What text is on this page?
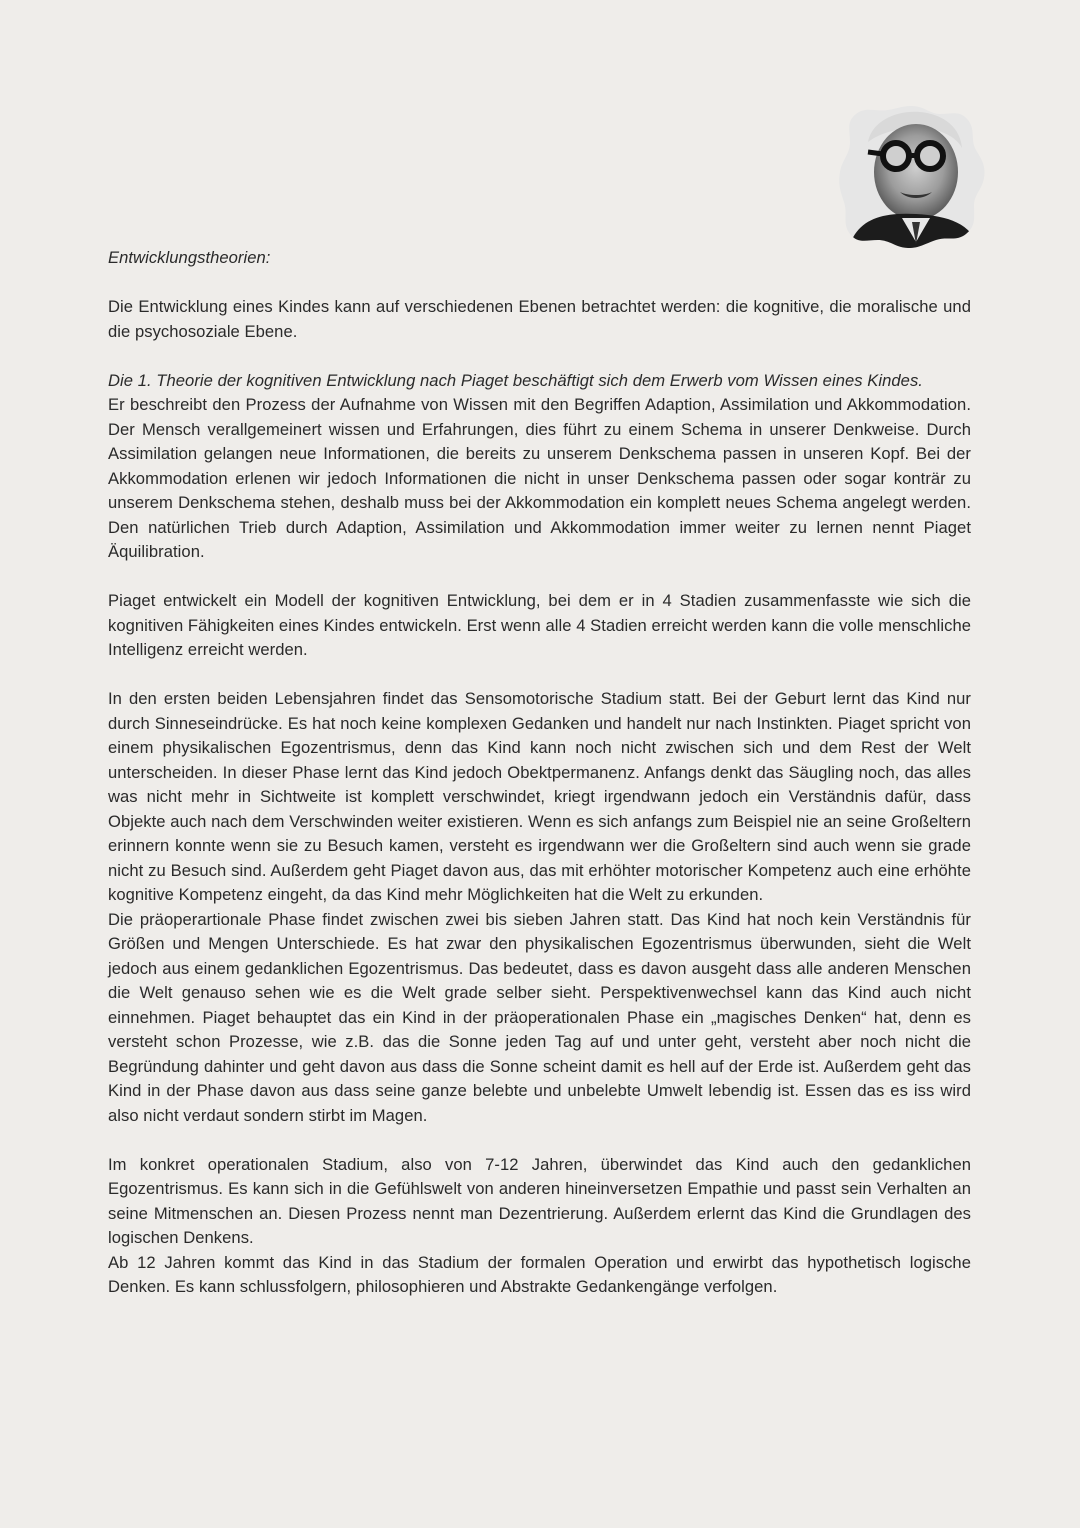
Entwicklungstheorien:

Die Entwicklung eines Kindes kann auf verschiedenen Ebenen betrachtet werden: die kognitive, die moralische und die psychosoziale Ebene.

Die 1. Theorie der kognitiven Entwicklung nach Piaget beschäftigt sich dem Erwerb vom Wissen eines Kindes.

Er beschreibt den Prozess der Aufnahme von Wissen mit den Begriffen Adaption, Assimilation und Akkommodation. Der Mensch verallgemeinert wissen und Erfahrungen, dies führt zu einem Schema in unserer Denkweise. Durch Assimilation gelangen neue Informationen, die bereits zu unserem Denkschema passen in unseren Kopf. Bei der Akkommodation erlenen wir jedoch Informationen die nicht in unser Denkschema passen oder sogar konträr zu unserem Denkschema stehen, deshalb muss bei der Akkommodation ein komplett neues Schema angelegt werden. Den natürlichen Trieb durch Adaption, Assimilation und Akkommodation immer weiter zu lernen nennt Piaget Äquilibration.

Piaget entwickelt ein Modell der kognitiven Entwicklung, bei dem er in 4 Stadien zusammenfasste wie sich die kognitiven Fähigkeiten eines Kindes entwickeln. Erst wenn alle 4 Stadien erreicht werden kann die volle menschliche Intelligenz erreicht werden.

In den ersten beiden Lebensjahren findet das Sensomotorische Stadium statt. Bei der Geburt lernt das Kind nur durch Sinneseindrücke. Es hat noch keine komplexen Gedanken und handelt nur nach Instinkten. Piaget spricht von einem physikalischen Egozentrismus, denn das Kind kann noch nicht zwischen sich und dem Rest der Welt unterscheiden. In dieser Phase lernt das Kind jedoch Obektpermanenz. Anfangs denkt das Säugling noch, das alles was nicht mehr in Sichtweite ist komplett verschwindet, kriegt irgendwann jedoch ein Verständnis dafür, dass Objekte auch nach dem Verschwinden weiter existieren. Wenn es sich anfangs zum Beispiel nie an seine Großeltern erinnern konnte wenn sie zu Besuch kamen, versteht es irgendwann wer die Großeltern sind auch wenn sie grade nicht zu Besuch sind. Außerdem geht Piaget davon aus, das mit erhöhter motorischer Kompetenz auch eine erhöhte kognitive Kompetenz eingeht, da das Kind mehr Möglichkeiten hat die Welt zu erkunden.

Die präoperartionale Phase findet zwischen zwei bis sieben Jahren statt. Das Kind hat noch kein Verständnis für Größen und Mengen Unterschiede. Es hat zwar den physikalischen Egozentrismus überwunden, sieht die Welt jedoch aus einem gedanklichen Egozentrismus. Das bedeutet, dass es davon ausgeht dass alle anderen Menschen die Welt genauso sehen wie es die Welt grade selber sieht. Perspektivenwechsel kann das Kind auch nicht einnehmen. Piaget behauptet das ein Kind in der präoperationalen Phase ein „magisches Denken“ hat, denn es versteht schon Prozesse, wie z.B. das die Sonne jeden Tag auf und unter geht, versteht aber noch nicht die Begründung dahinter und geht davon aus dass die Sonne scheint damit es hell auf der Erde ist. Außerdem geht das Kind in der Phase davon aus dass seine ganze belebte und unbelebte Umwelt lebendig ist. Essen das es iss wird also nicht verdaut sondern stirbt im Magen.

Im konkret operationalen Stadium, also von 7-12 Jahren, überwindet das Kind auch den gedanklichen Egozentrismus. Es kann sich in die Gefühlswelt von anderen hineinversetzen Empathie und passt sein Verhalten an seine Mitmenschen an. Diesen Prozess nennt man Dezentrierung. Außerdem erlernt das Kind die Grundlagen des logischen Denkens.

Ab 12 Jahren kommt das Kind in das Stadium der formalen Operation und erwirbt das hypothetisch logische Denken. Es kann schlussfolgern, philosophieren und Abstrakte Gedankengänge verfolgen.
